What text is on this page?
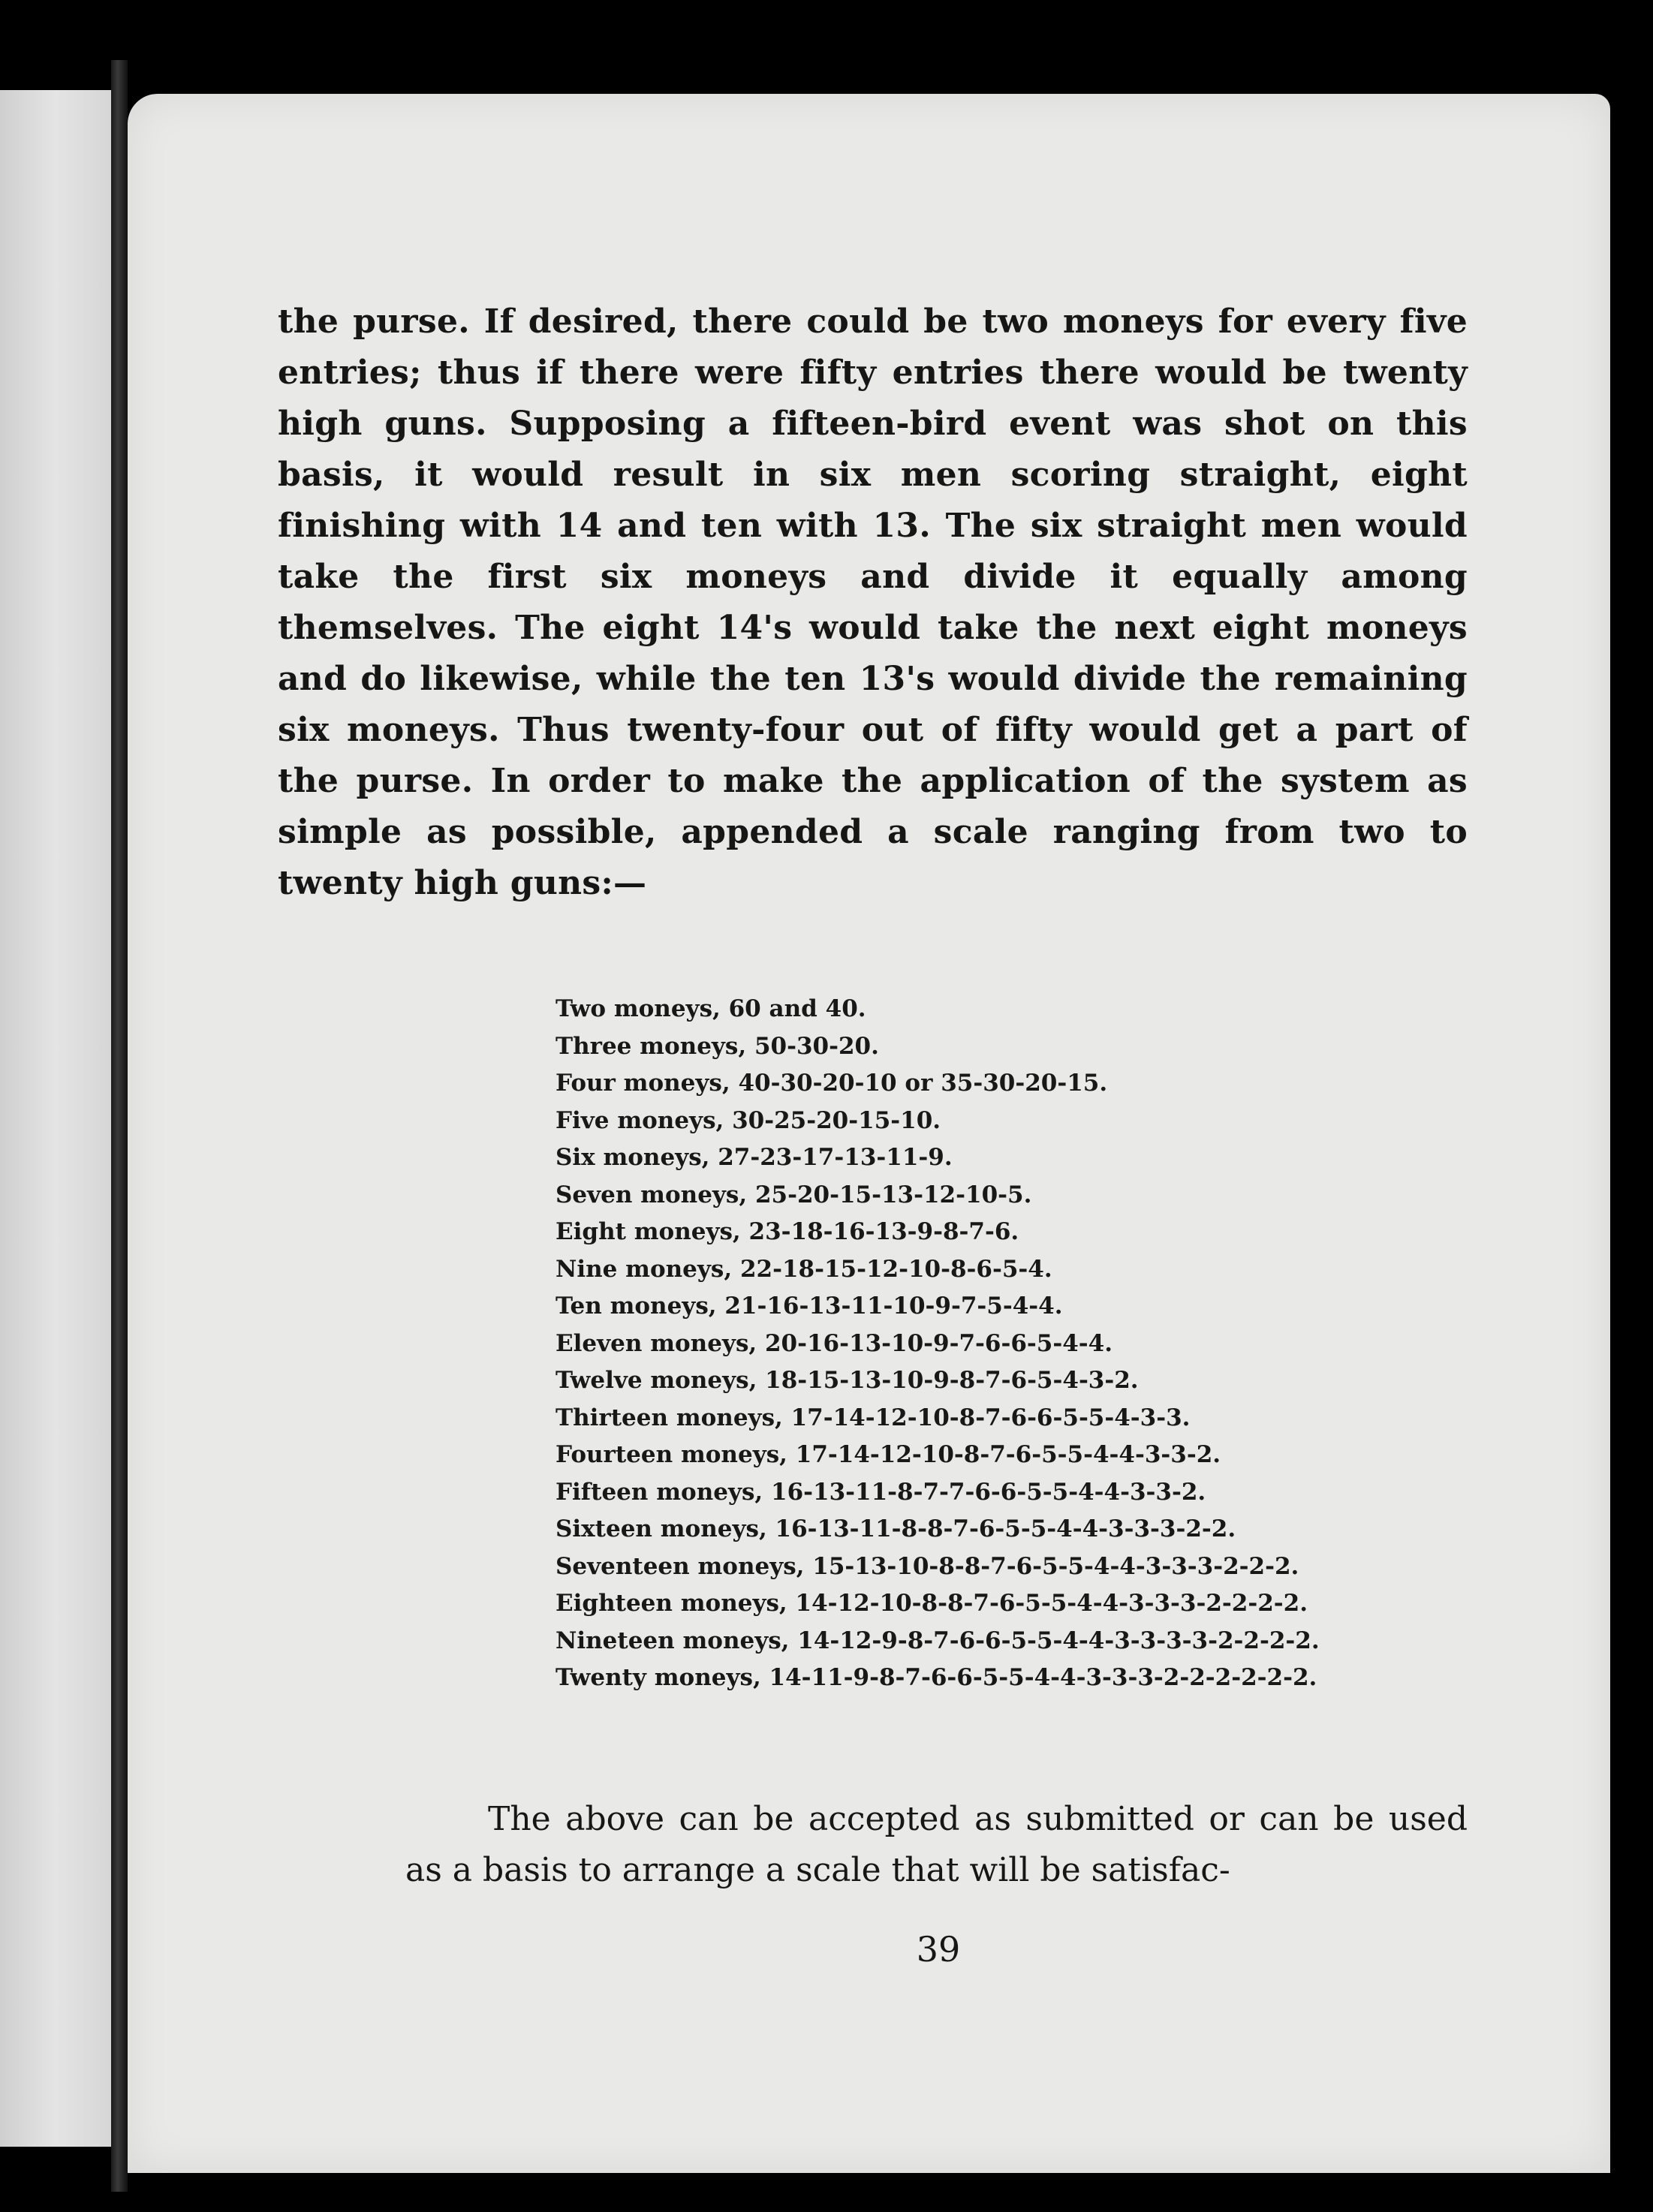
the purse. If desired, there could be two moneys for every five entries; thus if there were fifty entries there would be twenty high guns. Supposing a fifteen-bird event was shot on this basis, it would result in six men scoring straight, eight finishing with 14 and ten with 13. The six straight men would take the first six moneys and divide it equally among themselves. The eight 14's would take the next eight moneys and do likewise, while the ten 13's would divide the remaining six moneys. Thus twenty-four out of fifty would get a part of the purse. In order to make the application of the system as simple as possible, appended a scale ranging from two to twenty high guns:—

Two moneys, 60 and 40.
Three moneys, 50-30-20.
Four moneys, 40-30-20-10 or 35-30-20-15.
Five moneys, 30-25-20-15-10.
Six moneys, 27-23-17-13-11-9.
Seven moneys, 25-20-15-13-12-10-5.
Eight moneys, 23-18-16-13-9-8-7-6.
Nine moneys, 22-18-15-12-10-8-6-5-4.
Ten moneys, 21-16-13-11-10-9-7-5-4-4.
Eleven moneys, 20-16-13-10-9-7-6-6-5-4-4.
Twelve moneys, 18-15-13-10-9-8-7-6-5-4-3-2.
Thirteen moneys, 17-14-12-10-8-7-6-6-5-5-4-3-3.
Fourteen moneys, 17-14-12-10-8-7-6-5-5-4-4-3-3-2.
Fifteen moneys, 16-13-11-8-7-7-6-6-5-5-4-4-3-3-2.
Sixteen moneys, 16-13-11-8-8-7-6-5-5-4-4-3-3-3-2-2.
Seventeen moneys, 15-13-10-8-8-7-6-5-5-4-4-3-3-3-2-2-2.
Eighteen moneys, 14-12-10-8-8-7-6-5-5-4-4-3-3-3-2-2-2-2.
Nineteen moneys, 14-12-9-8-7-6-6-5-5-4-4-3-3-3-3-2-2-2-2.
Twenty moneys, 14-11-9-8-7-6-6-5-5-4-4-3-3-3-2-2-2-2-2-2.

The above can be accepted as submitted or can be used as a basis to arrange a scale that will be satisfac-

39
